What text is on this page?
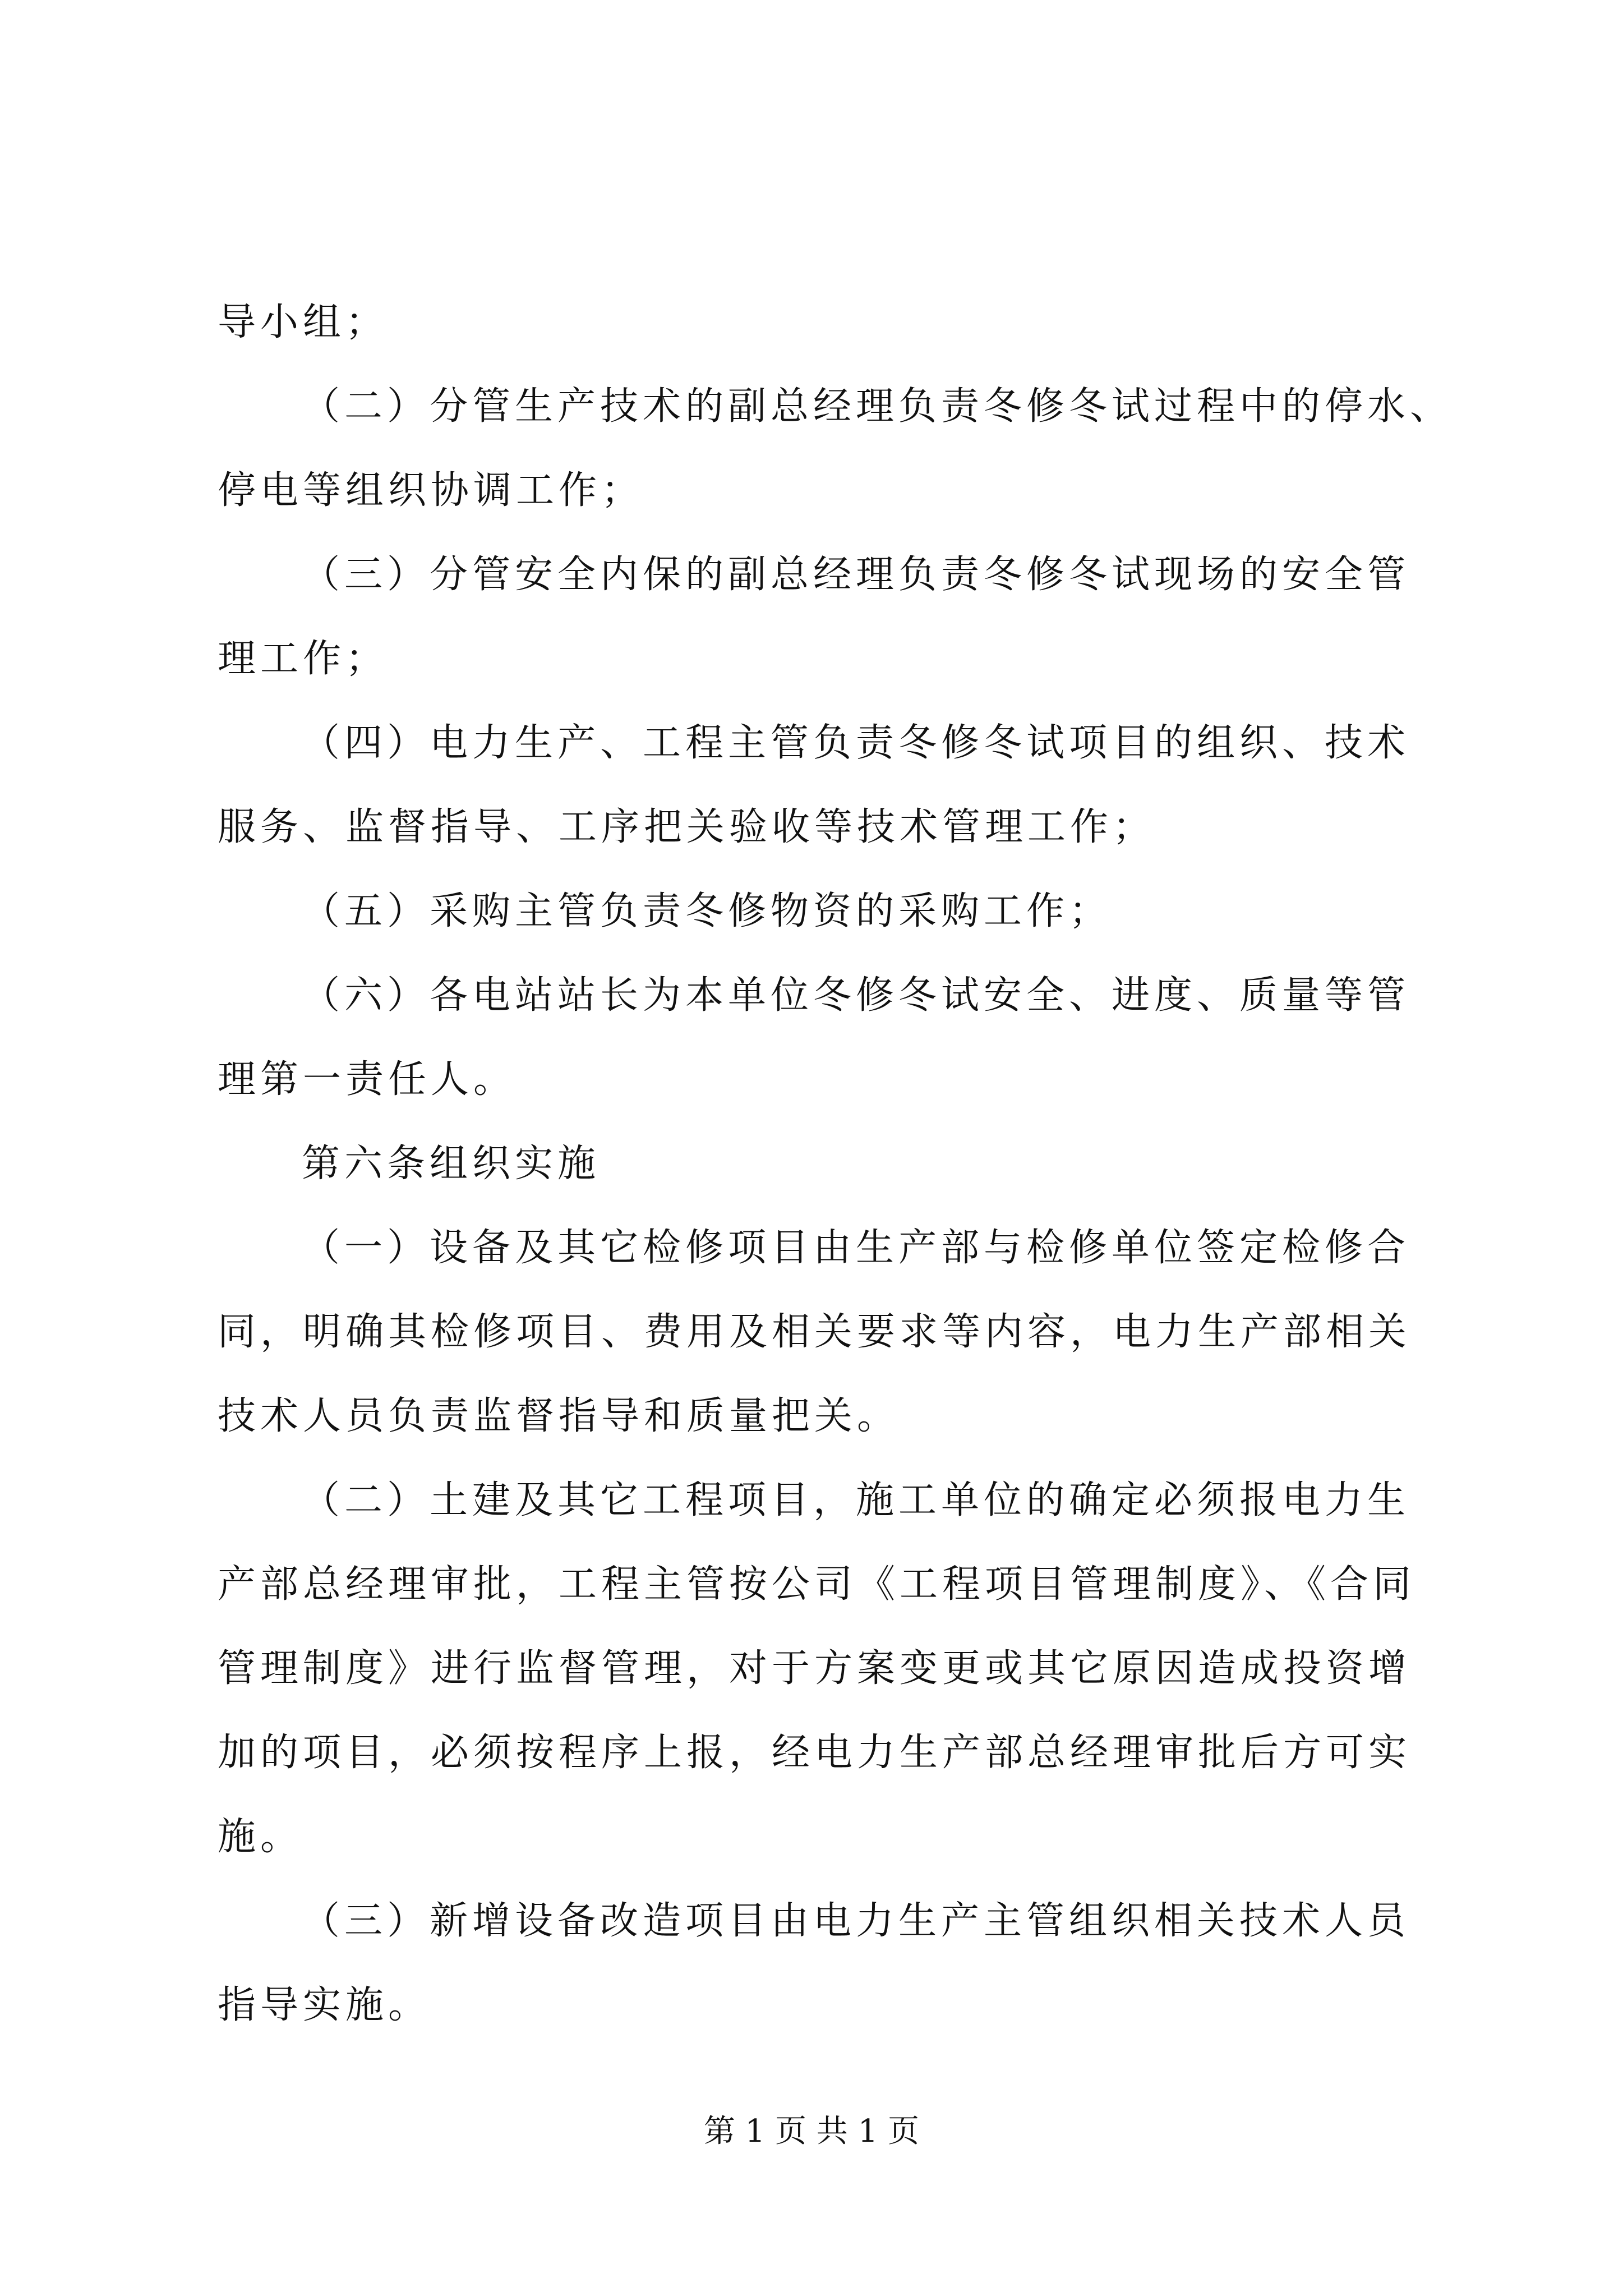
导小组；
（二）分管生产技术的副总经理负责冬修冬试过程中的停水、
停电等组织协调工作；
（三）分管安全内保的副总经理负责冬修冬试现场的安全管
理工作；
（四）电力生产、工程主管负责冬修冬试项目的组织、技术
服务、监督指导、工序把关验收等技术管理工作；
（五）采购主管负责冬修物资的采购工作；
（六）各电站站长为本单位冬修冬试安全、进度、质量等管
理第一责任人。
第六条组织实施
（一）设备及其它检修项目由生产部与检修单位签定检修合
同，明确其检修项目、费用及相关要求等内容，电力生产部相关
技术人员负责监督指导和质量把关。
（二）土建及其它工程项目，施工单位的确定必须报电力生
产部总经理审批，工程主管按公司《工程项目管理制度》、《合同
管理制度》进行监督管理，对于方案变更或其它原因造成投资增
加的项目，必须按程序上报，经电力生产部总经理审批后方可实
施。
（三）新增设备改造项目由电力生产主管组织相关技术人员
指导实施。
第 1 页 共 1 页
